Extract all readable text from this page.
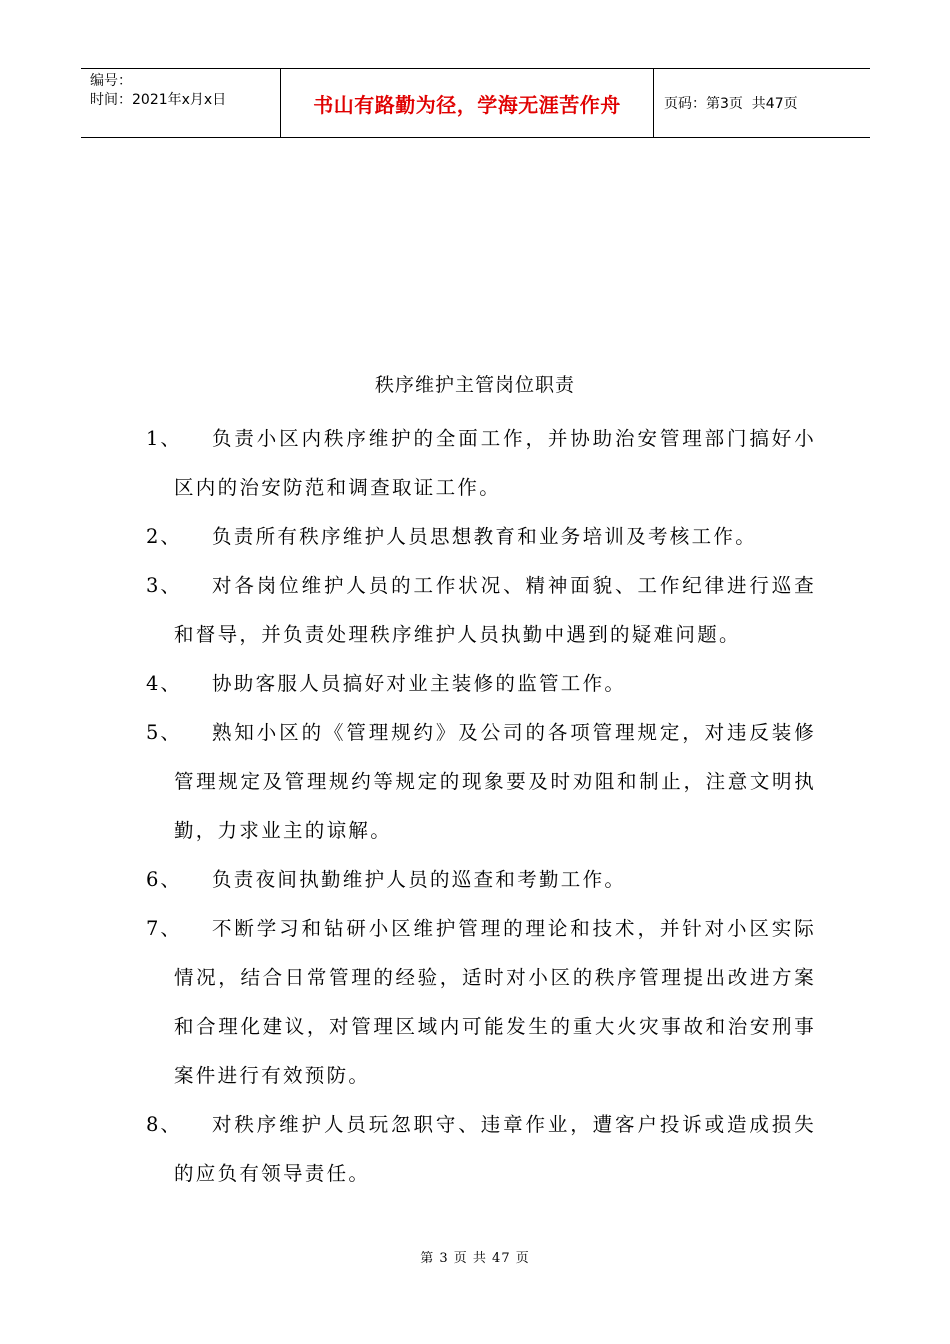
编号：
时间：2021年x月x日	书山有路勤为径，学海无涯苦作舟	页码：第3页  共47页
秩序维护主管岗位职责
1、	负责小区内秩序维护的全面工作，并协助治安管理部门搞好小区内的治安防范和调查取证工作。
2、	负责所有秩序维护人员思想教育和业务培训及考核工作。
3、	对各岗位维护人员的工作状况、精神面貌、工作纪律进行巡查和督导，并负责处理秩序维护人员执勤中遇到的疑难问题。
4、	协助客服人员搞好对业主装修的监管工作。
5、	熟知小区的《管理规约》及公司的各项管理规定，对违反装修管理规定及管理规约等规定的现象要及时劝阻和制止，注意文明执勤，力求业主的谅解。
6、	负责夜间执勤维护人员的巡查和考勤工作。
7、	不断学习和钻研小区维护管理的理论和技术，并针对小区实际情况，结合日常管理的经验，适时对小区的秩序管理提出改进方案和合理化建议，对管理区域内可能发生的重大火灾事故和治安刑事案件进行有效预防。
8、	对秩序维护人员玩忽职守、违章作业，遭客户投诉或造成损失的应负有领导责任。
第 3 页 共 47 页
